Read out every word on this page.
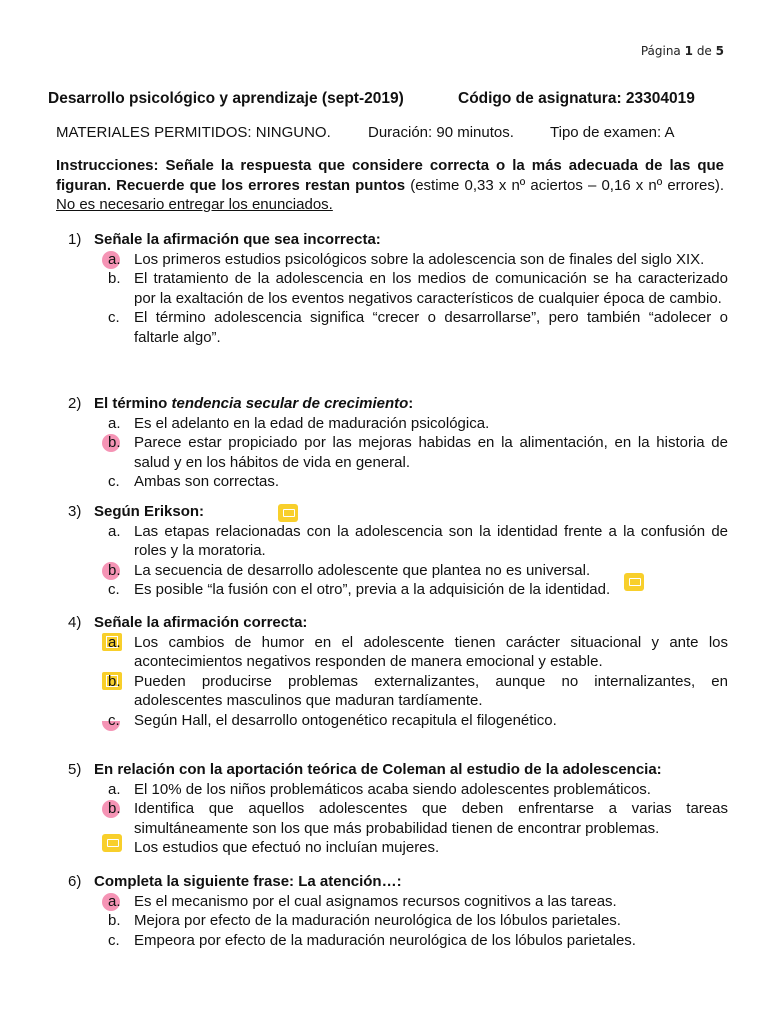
Página 1 de 5
Desarrollo psicológico y aprendizaje (sept-2019)	Código de asignatura: 23304019
MATERIALES PERMITIDOS: NINGUNO. Duración: 90 minutos. Tipo de examen: A
Instrucciones: Señale la respuesta que considere correcta o la más adecuada de las que figuran. Recuerde que los errores restan puntos (estime 0,33 x nº aciertos – 0,16 x nº errores). No es necesario entregar los enunciados.
1) Señale la afirmación que sea incorrecta:
a. Los primeros estudios psicológicos sobre la adolescencia son de finales del siglo XIX.
b. El tratamiento de la adolescencia en los medios de comunicación se ha caracterizado por la exaltación de los eventos negativos característicos de cualquier época de cambio.
c. El término adolescencia significa “crecer o desarrollarse”, pero también “adolecer o faltarle algo”.
2) El término tendencia secular de crecimiento:
a. Es el adelanto en la edad de maduración psicológica.
b. Parece estar propiciado por las mejoras habidas en la alimentación, en la historia de salud y en los hábitos de vida en general.
c. Ambas son correctas.
3) Según Erikson:
a. Las etapas relacionadas con la adolescencia son la identidad frente a la confusión de roles y la moratoria.
b. La secuencia de desarrollo adolescente que plantea no es universal.
c. Es posible “la fusión con el otro”, previa a la adquisición de la identidad.
4) Señale la afirmación correcta:
a. Los cambios de humor en el adolescente tienen carácter situacional y ante los acontecimientos negativos responden de manera emocional y estable.
b. Pueden producirse problemas externalizantes, aunque no internalizantes, en adolescentes masculinos que maduran tardíamente.
c. Según Hall, el desarrollo ontogenético recapitula el filogenético.
5) En relación con la aportación teórica de Coleman al estudio de la adolescencia:
a. El 10% de los niños problemáticos acaba siendo adolescentes problemáticos.
b. Identifica que aquellos adolescentes que deben enfrentarse a varias tareas simultáneamente son los que más probabilidad tienen de encontrar problemas.
Los estudios que efectuó no incluían mujeres.
6) Completa la siguiente frase: La atención…:
a. Es el mecanismo por el cual asignamos recursos cognitivos a las tareas.
b. Mejora por efecto de la maduración neurológica de los lóbulos parietales.
c. Empeora por efecto de la maduración neurológica de los lóbulos parietales.
